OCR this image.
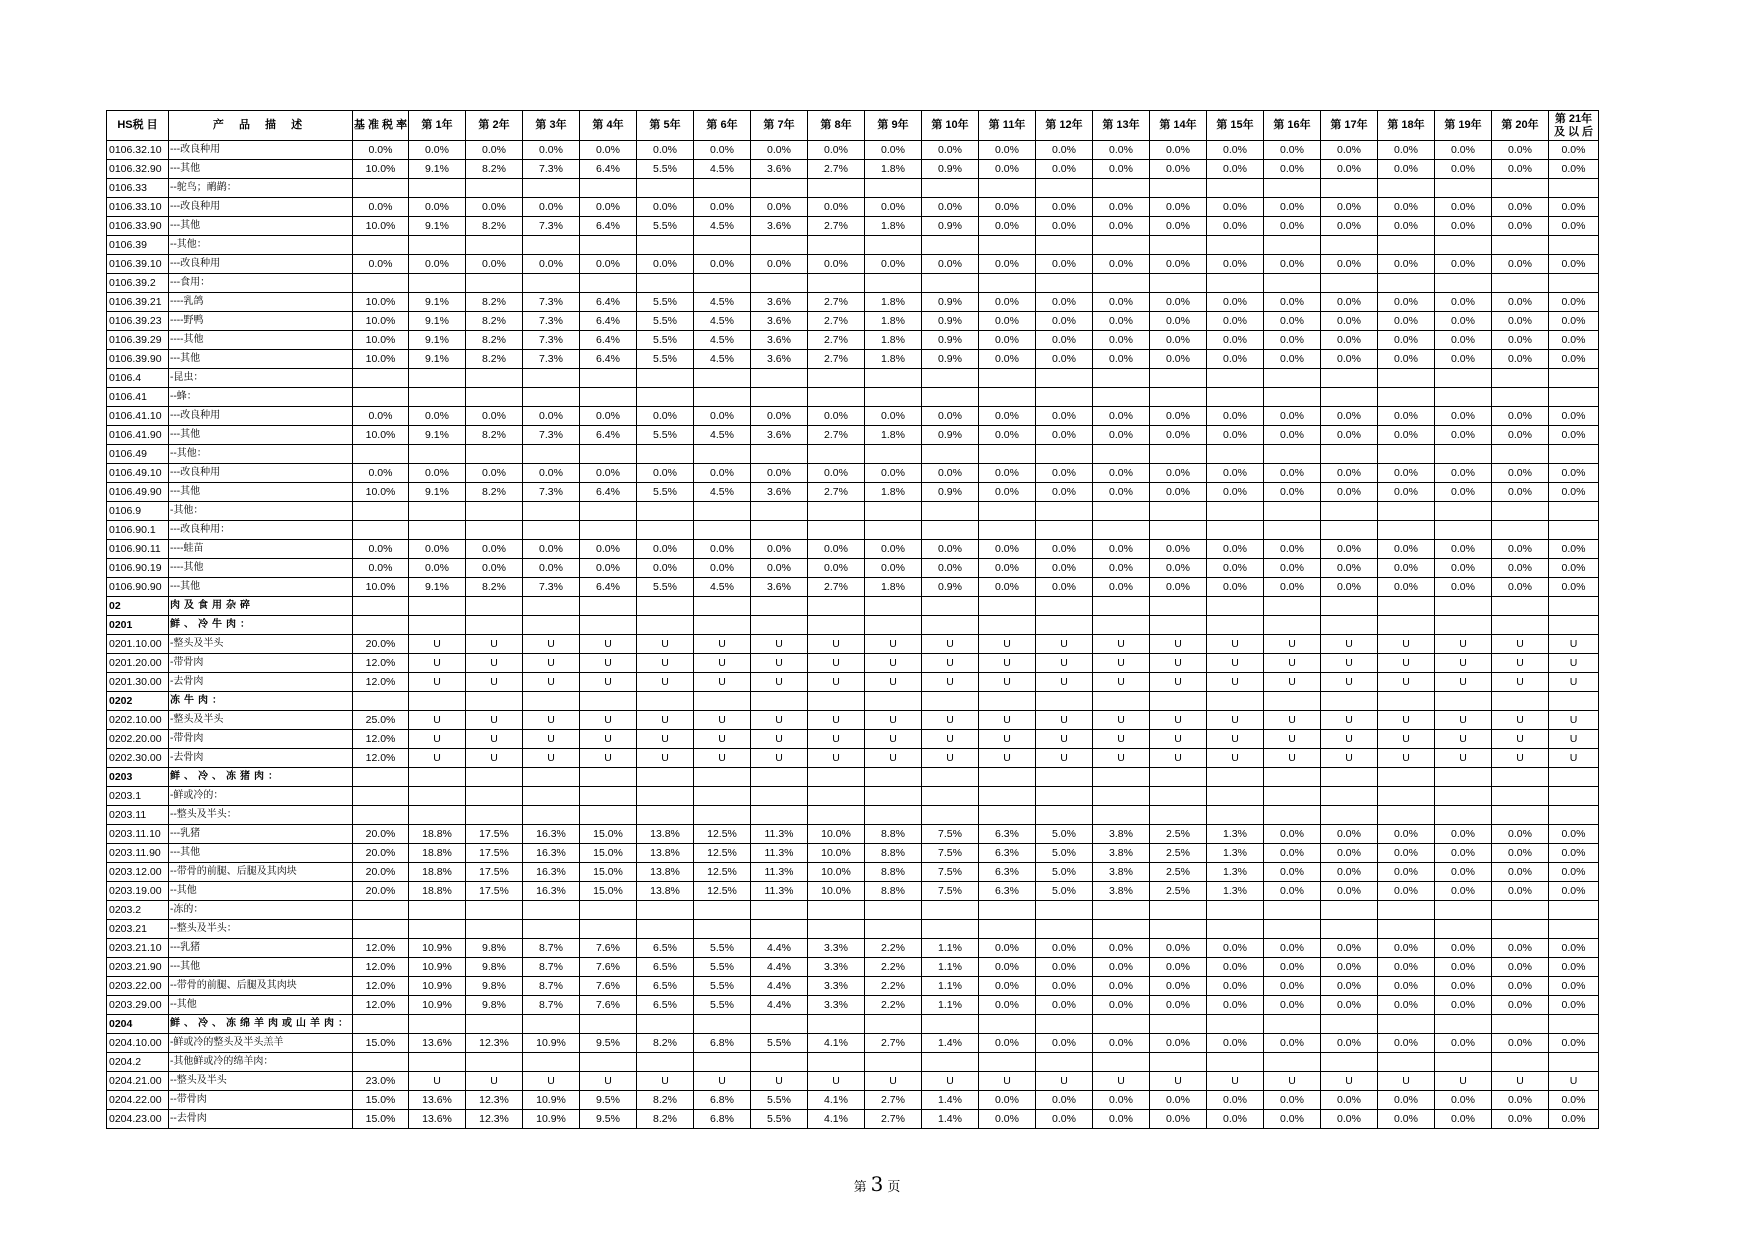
HS税 目	产 品 描 述	基 准 税 率	第 1年	第 2年	第 3年	第 4年	第 5年	第 6年	第 7年	第 8年	第 9年	第 10年	第 11年	第 12年	第 13年	第 14年	第 15年	第 16年	第 17年	第 18年	第 19年	第 20年	第 21年 及 以 后
0106.32.10	---改良种用	0.0%	0.0%	0.0%	0.0%	0.0%	0.0%	0.0%	0.0%	0.0%	0.0%	0.0%	0.0%	0.0%	0.0%	0.0%	0.0%	0.0%	0.0%	0.0%	0.0%	0.0%	0.0%
0106.32.90	---其他	10.0%	9.1%	8.2%	7.3%	6.4%	5.5%	4.5%	3.6%	2.7%	1.8%	0.9%	0.0%	0.0%	0.0%	0.0%	0.0%	0.0%	0.0%	0.0%	0.0%	0.0%	0.0%
0106.33	--鸵鸟；鸸鹋：																						
0106.33.10	---改良种用	0.0%	0.0%	0.0%	0.0%	0.0%	0.0%	0.0%	0.0%	0.0%	0.0%	0.0%	0.0%	0.0%	0.0%	0.0%	0.0%	0.0%	0.0%	0.0%	0.0%	0.0%	0.0%
0106.33.90	---其他	10.0%	9.1%	8.2%	7.3%	6.4%	5.5%	4.5%	3.6%	2.7%	1.8%	0.9%	0.0%	0.0%	0.0%	0.0%	0.0%	0.0%	0.0%	0.0%	0.0%	0.0%	0.0%
0106.39	--其他：																						
0106.39.10	---改良种用	0.0%	0.0%	0.0%	0.0%	0.0%	0.0%	0.0%	0.0%	0.0%	0.0%	0.0%	0.0%	0.0%	0.0%	0.0%	0.0%	0.0%	0.0%	0.0%	0.0%	0.0%	0.0%
0106.39.2	---食用：																						
0106.39.21	----乳鸽	10.0%	9.1%	8.2%	7.3%	6.4%	5.5%	4.5%	3.6%	2.7%	1.8%	0.9%	0.0%	0.0%	0.0%	0.0%	0.0%	0.0%	0.0%	0.0%	0.0%	0.0%	0.0%
0106.39.23	----野鸭	10.0%	9.1%	8.2%	7.3%	6.4%	5.5%	4.5%	3.6%	2.7%	1.8%	0.9%	0.0%	0.0%	0.0%	0.0%	0.0%	0.0%	0.0%	0.0%	0.0%	0.0%	0.0%
0106.39.29	----其他	10.0%	9.1%	8.2%	7.3%	6.4%	5.5%	4.5%	3.6%	2.7%	1.8%	0.9%	0.0%	0.0%	0.0%	0.0%	0.0%	0.0%	0.0%	0.0%	0.0%	0.0%	0.0%
0106.39.90	---其他	10.0%	9.1%	8.2%	7.3%	6.4%	5.5%	4.5%	3.6%	2.7%	1.8%	0.9%	0.0%	0.0%	0.0%	0.0%	0.0%	0.0%	0.0%	0.0%	0.0%	0.0%	0.0%
0106.4	-昆虫：																						
0106.41	--蜂：																						
0106.41.10	---改良种用	0.0%	0.0%	0.0%	0.0%	0.0%	0.0%	0.0%	0.0%	0.0%	0.0%	0.0%	0.0%	0.0%	0.0%	0.0%	0.0%	0.0%	0.0%	0.0%	0.0%	0.0%	0.0%
0106.41.90	---其他	10.0%	9.1%	8.2%	7.3%	6.4%	5.5%	4.5%	3.6%	2.7%	1.8%	0.9%	0.0%	0.0%	0.0%	0.0%	0.0%	0.0%	0.0%	0.0%	0.0%	0.0%	0.0%
0106.49	--其他：																						
0106.49.10	---改良种用	0.0%	0.0%	0.0%	0.0%	0.0%	0.0%	0.0%	0.0%	0.0%	0.0%	0.0%	0.0%	0.0%	0.0%	0.0%	0.0%	0.0%	0.0%	0.0%	0.0%	0.0%	0.0%
0106.49.90	---其他	10.0%	9.1%	8.2%	7.3%	6.4%	5.5%	4.5%	3.6%	2.7%	1.8%	0.9%	0.0%	0.0%	0.0%	0.0%	0.0%	0.0%	0.0%	0.0%	0.0%	0.0%	0.0%
0106.9	-其他：																						
0106.90.1	---改良种用：																						
0106.90.11	----蛙苗	0.0%	0.0%	0.0%	0.0%	0.0%	0.0%	0.0%	0.0%	0.0%	0.0%	0.0%	0.0%	0.0%	0.0%	0.0%	0.0%	0.0%	0.0%	0.0%	0.0%	0.0%	0.0%
0106.90.19	----其他	0.0%	0.0%	0.0%	0.0%	0.0%	0.0%	0.0%	0.0%	0.0%	0.0%	0.0%	0.0%	0.0%	0.0%	0.0%	0.0%	0.0%	0.0%	0.0%	0.0%	0.0%	0.0%
0106.90.90	---其他	10.0%	9.1%	8.2%	7.3%	6.4%	5.5%	4.5%	3.6%	2.7%	1.8%	0.9%	0.0%	0.0%	0.0%	0.0%	0.0%	0.0%	0.0%	0.0%	0.0%	0.0%	0.0%
02	肉及食用杂碎																						
0201	鲜、冷牛肉：																						
0201.10.00	-整头及半头	20.0%	U	U	U	U	U	U	U	U	U	U	U	U	U	U	U	U	U	U	U	U	U
0201.20.00	-带骨肉	12.0%	U	U	U	U	U	U	U	U	U	U	U	U	U	U	U	U	U	U	U	U	U
0201.30.00	-去骨肉	12.0%	U	U	U	U	U	U	U	U	U	U	U	U	U	U	U	U	U	U	U	U	U
0202	冻牛肉：																						
0202.10.00	-整头及半头	25.0%	U	U	U	U	U	U	U	U	U	U	U	U	U	U	U	U	U	U	U	U	U
0202.20.00	-带骨肉	12.0%	U	U	U	U	U	U	U	U	U	U	U	U	U	U	U	U	U	U	U	U	U
0202.30.00	-去骨肉	12.0%	U	U	U	U	U	U	U	U	U	U	U	U	U	U	U	U	U	U	U	U	U
0203	鲜、冷、冻猪肉：																						
0203.1	-鲜或冷的：																						
0203.11	--整头及半头：																						
0203.11.10	---乳猪	20.0%	18.8%	17.5%	16.3%	15.0%	13.8%	12.5%	11.3%	10.0%	8.8%	7.5%	6.3%	5.0%	3.8%	2.5%	1.3%	0.0%	0.0%	0.0%	0.0%	0.0%	0.0%
0203.11.90	---其他	20.0%	18.8%	17.5%	16.3%	15.0%	13.8%	12.5%	11.3%	10.0%	8.8%	7.5%	6.3%	5.0%	3.8%	2.5%	1.3%	0.0%	0.0%	0.0%	0.0%	0.0%	0.0%
0203.12.00	--带骨的前腿、后腿及其肉块	20.0%	18.8%	17.5%	16.3%	15.0%	13.8%	12.5%	11.3%	10.0%	8.8%	7.5%	6.3%	5.0%	3.8%	2.5%	1.3%	0.0%	0.0%	0.0%	0.0%	0.0%	0.0%
0203.19.00	--其他	20.0%	18.8%	17.5%	16.3%	15.0%	13.8%	12.5%	11.3%	10.0%	8.8%	7.5%	6.3%	5.0%	3.8%	2.5%	1.3%	0.0%	0.0%	0.0%	0.0%	0.0%	0.0%
0203.2	-冻的：																						
0203.21	--整头及半头：																						
0203.21.10	---乳猪	12.0%	10.9%	9.8%	8.7%	7.6%	6.5%	5.5%	4.4%	3.3%	2.2%	1.1%	0.0%	0.0%	0.0%	0.0%	0.0%	0.0%	0.0%	0.0%	0.0%	0.0%	0.0%
0203.21.90	---其他	12.0%	10.9%	9.8%	8.7%	7.6%	6.5%	5.5%	4.4%	3.3%	2.2%	1.1%	0.0%	0.0%	0.0%	0.0%	0.0%	0.0%	0.0%	0.0%	0.0%	0.0%	0.0%
0203.22.00	--带骨的前腿、后腿及其肉块	12.0%	10.9%	9.8%	8.7%	7.6%	6.5%	5.5%	4.4%	3.3%	2.2%	1.1%	0.0%	0.0%	0.0%	0.0%	0.0%	0.0%	0.0%	0.0%	0.0%	0.0%	0.0%
0203.29.00	--其他	12.0%	10.9%	9.8%	8.7%	7.6%	6.5%	5.5%	4.4%	3.3%	2.2%	1.1%	0.0%	0.0%	0.0%	0.0%	0.0%	0.0%	0.0%	0.0%	0.0%	0.0%	0.0%
0204	鲜、冷、冻绵羊肉或山羊肉：																						
0204.10.00	-鲜或冷的整头及半头羔羊	15.0%	13.6%	12.3%	10.9%	9.5%	8.2%	6.8%	5.5%	4.1%	2.7%	1.4%	0.0%	0.0%	0.0%	0.0%	0.0%	0.0%	0.0%	0.0%	0.0%	0.0%	0.0%
0204.2	-其他鲜或冷的绵羊肉：																						
0204.21.00	--整头及半头	23.0%	U	U	U	U	U	U	U	U	U	U	U	U	U	U	U	U	U	U	U	U	U
0204.22.00	--带骨肉	15.0%	13.6%	12.3%	10.9%	9.5%	8.2%	6.8%	5.5%	4.1%	2.7%	1.4%	0.0%	0.0%	0.0%	0.0%	0.0%	0.0%	0.0%	0.0%	0.0%	0.0%	0.0%
0204.23.00	--去骨肉	15.0%	13.6%	12.3%	10.9%	9.5%	8.2%	6.8%	5.5%	4.1%	2.7%	1.4%	0.0%	0.0%	0.0%	0.0%	0.0%	0.0%	0.0%	0.0%	0.0%	0.0%	0.0%
第 3 页
